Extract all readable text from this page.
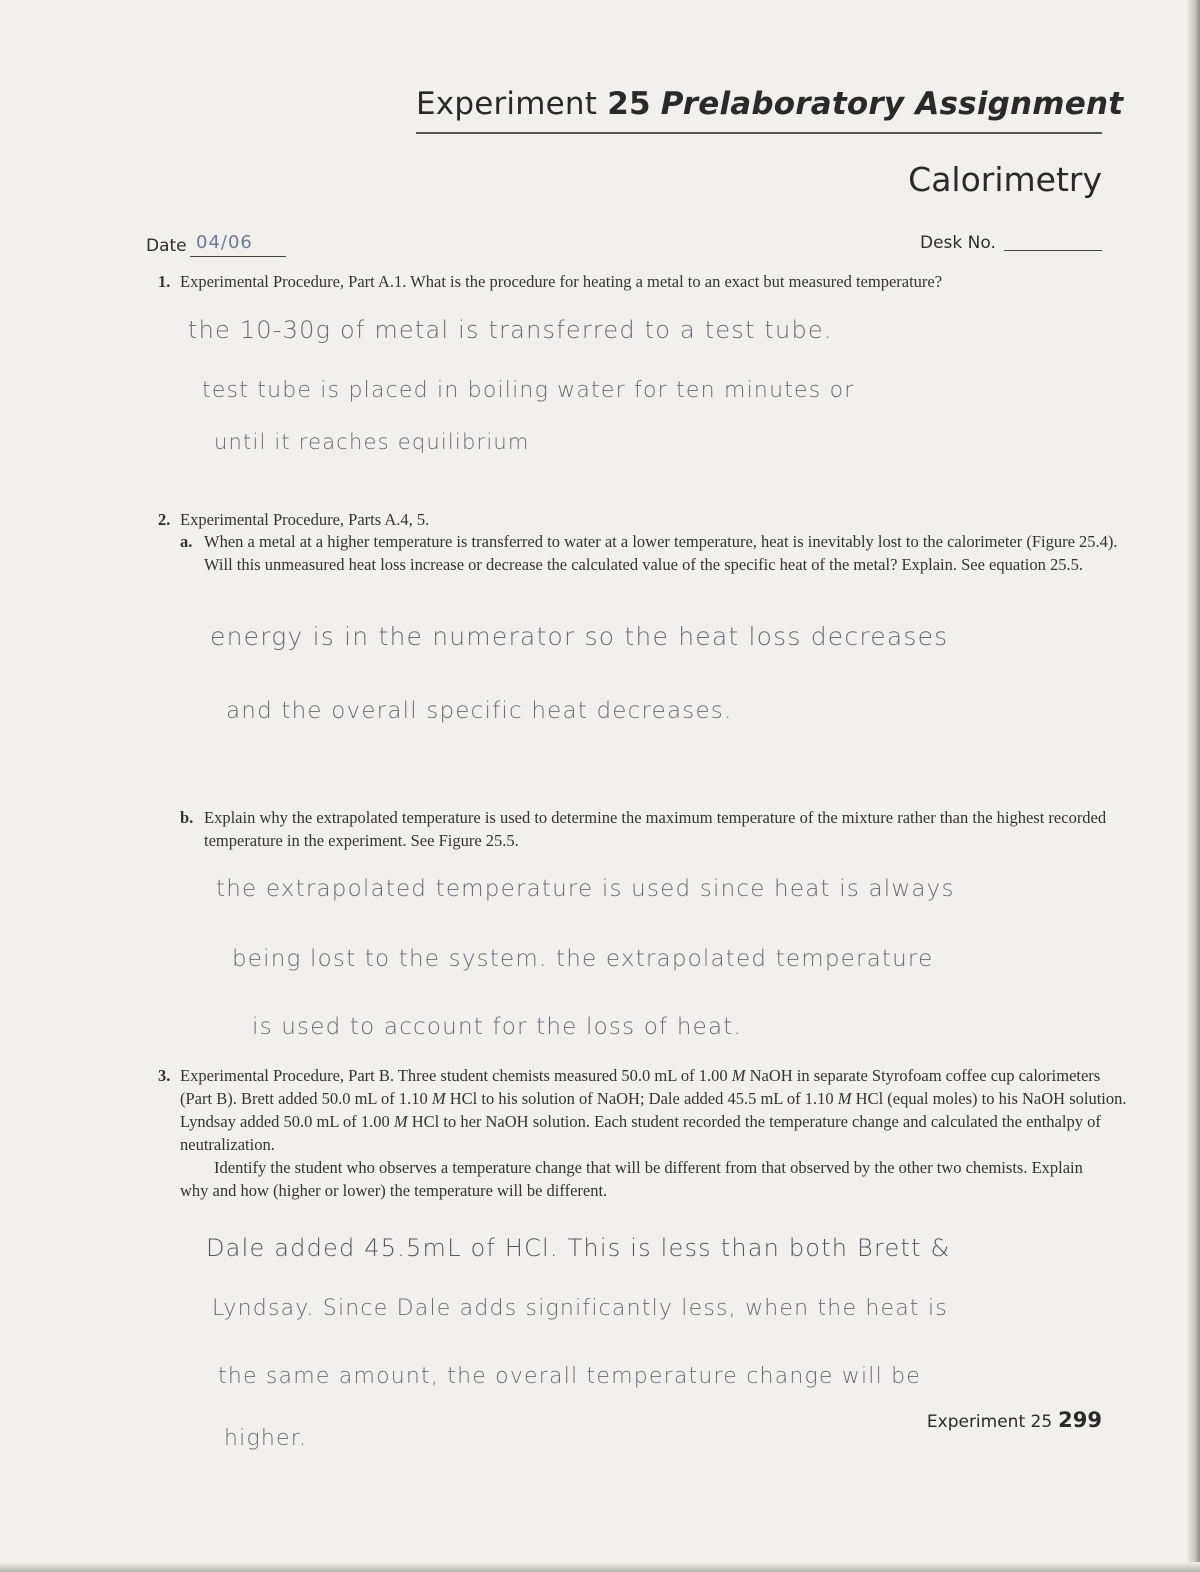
Experiment 25 Prelaboratory Assignment
Calorimetry
Date 04/06	Desk No.
1. Experimental Procedure, Part A.1. What is the procedure for heating a metal to an exact but measured temperature?
the 10-30g of metal is transferred to a test tube.
test tube is placed in boiling water for ten minutes or
until it reaches equilibrium
2. Experimental Procedure, Parts A.4, 5.
a. When a metal at a higher temperature is transferred to water at a lower temperature, heat is inevitably lost to the calorimeter (Figure 25.4). Will this unmeasured heat loss increase or decrease the calculated value of the specific heat of the metal? Explain. See equation 25.5.
energy is in the numerator so the heat loss decreases
and the overall specific heat decreases.
b. Explain why the extrapolated temperature is used to determine the maximum temperature of the mixture rather than the highest recorded temperature in the experiment. See Figure 25.5.
the extrapolated temperature is used since heat is always
being lost to the system. the extrapolated temperature
is used to account for the loss of heat.
3. Experimental Procedure, Part B. Three student chemists measured 50.0 mL of 1.00 M NaOH in separate Styrofoam coffee cup calorimeters (Part B). Brett added 50.0 mL of 1.10 M HCl to his solution of NaOH; Dale added 45.5 mL of 1.10 M HCl (equal moles) to his NaOH solution. Lyndsay added 50.0 mL of 1.00 M HCl to her NaOH solution. Each student recorded the temperature change and calculated the enthalpy of neutralization.
Identify the student who observes a temperature change that will be different from that observed by the other two chemists. Explain why and how (higher or lower) the temperature will be different.
Dale added 45.5mL of HCl. This is less than both Brett &
Lyndsay. Since Dale adds significantly less, when the heat is
the same amount, the overall temperature change will be
higher.
Experiment 25 299
